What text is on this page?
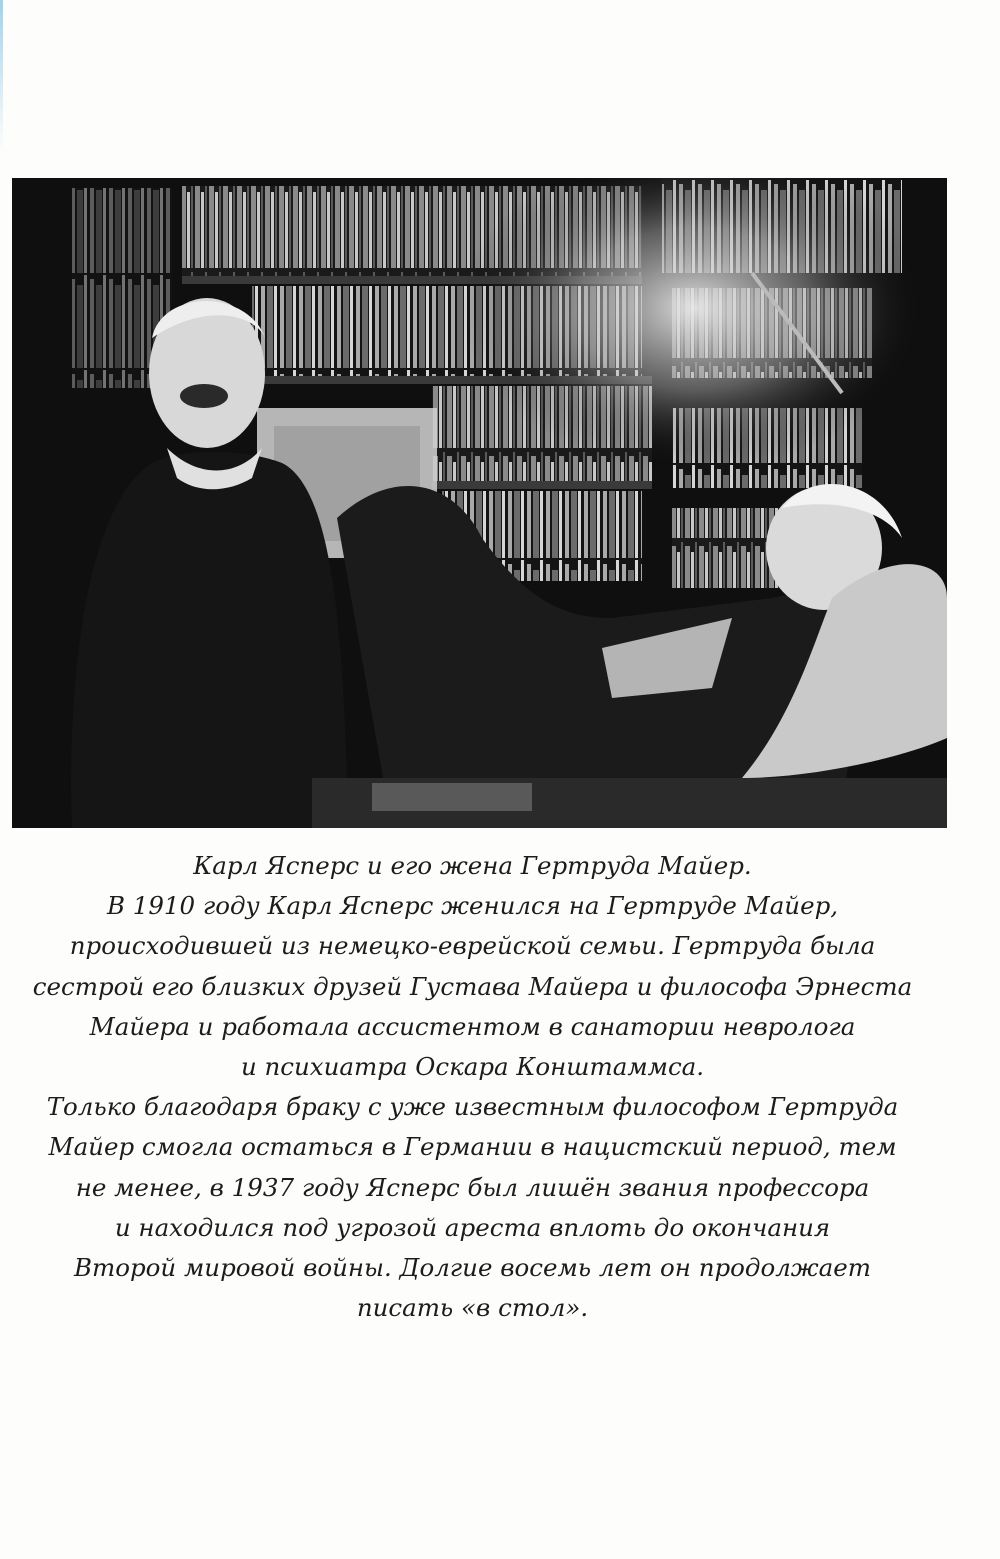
Карл Ясперс и его жена Гертруда Майер.
В 1910 году Карл Ясперс женился на Гертруде Майер,
происходившей из немецко-еврейской семьи. Гертруда была
сестрой его близких друзей Густава Майера и философа Эрнеста
Майера и работала ассистентом в санатории невролога
и психиатра Оскара Конштаммса.
Только благодаря браку с уже известным философом Гертруда
Майер смогла остаться в Германии в нацистский период, тем
не менее, в 1937 году Ясперс был лишён звания профессора
и находился под угрозой ареста вплоть до окончания
Второй мировой войны. Долгие восемь лет он продолжает
писать «в стол».
